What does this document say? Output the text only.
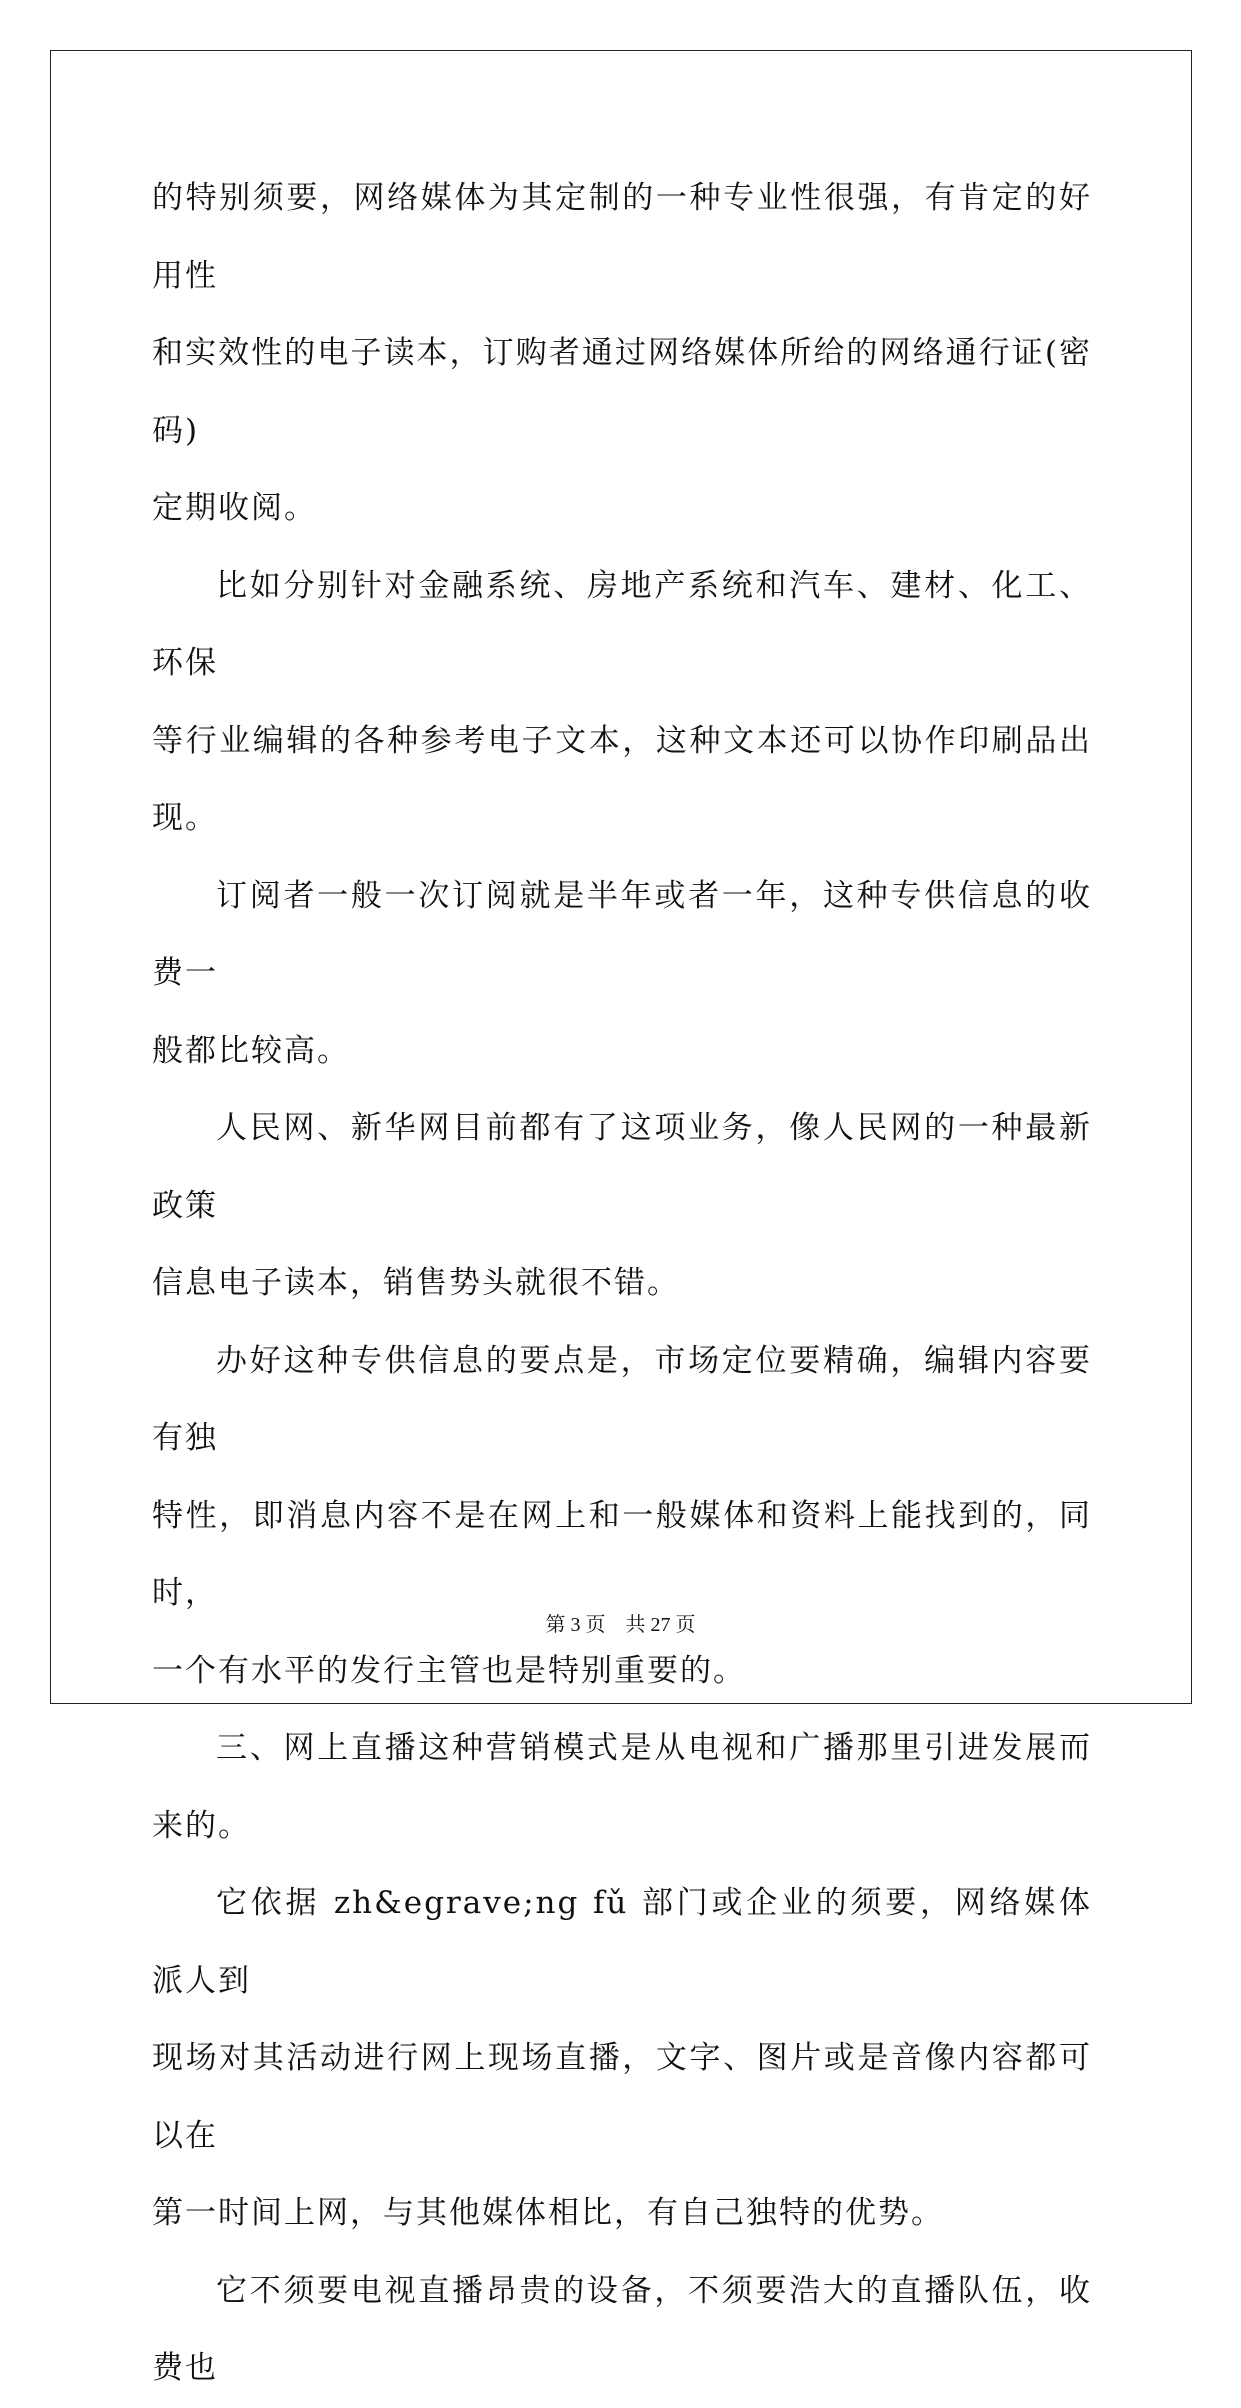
的特别须要，网络媒体为其定制的一种专业性很强，有肯定的好用性
和实效性的电子读本，订购者通过网络媒体所给的网络通行证(密码)
定期收阅。

比如分别针对金融系统、房地产系统和汽车、建材、化工、环保
等行业编辑的各种参考电子文本，这种文本还可以协作印刷品出现。

订阅者一般一次订阅就是半年或者一年，这种专供信息的收费一
般都比较高。

人民网、新华网目前都有了这项业务，像人民网的一种最新政策
信息电子读本，销售势头就很不错。

办好这种专供信息的要点是，市场定位要精确，编辑内容要有独
特性，即消息内容不是在网上和一般媒体和资料上能找到的，同时，
一个有水平的发行主管也是特别重要的。

三、网上直播这种营销模式是从电视和广播那里引进发展而来的。

它依据 zh&egrave;ng fǔ 部门或企业的须要，网络媒体派人到
现场对其活动进行网上现场直播，文字、图片或是音像内容都可以在
第一时间上网，与其他媒体相比，有自己独特的优势。

它不须要电视直播昂贵的设备，不须要浩大的直播队伍，收费也

第 3 页    共 27 页
